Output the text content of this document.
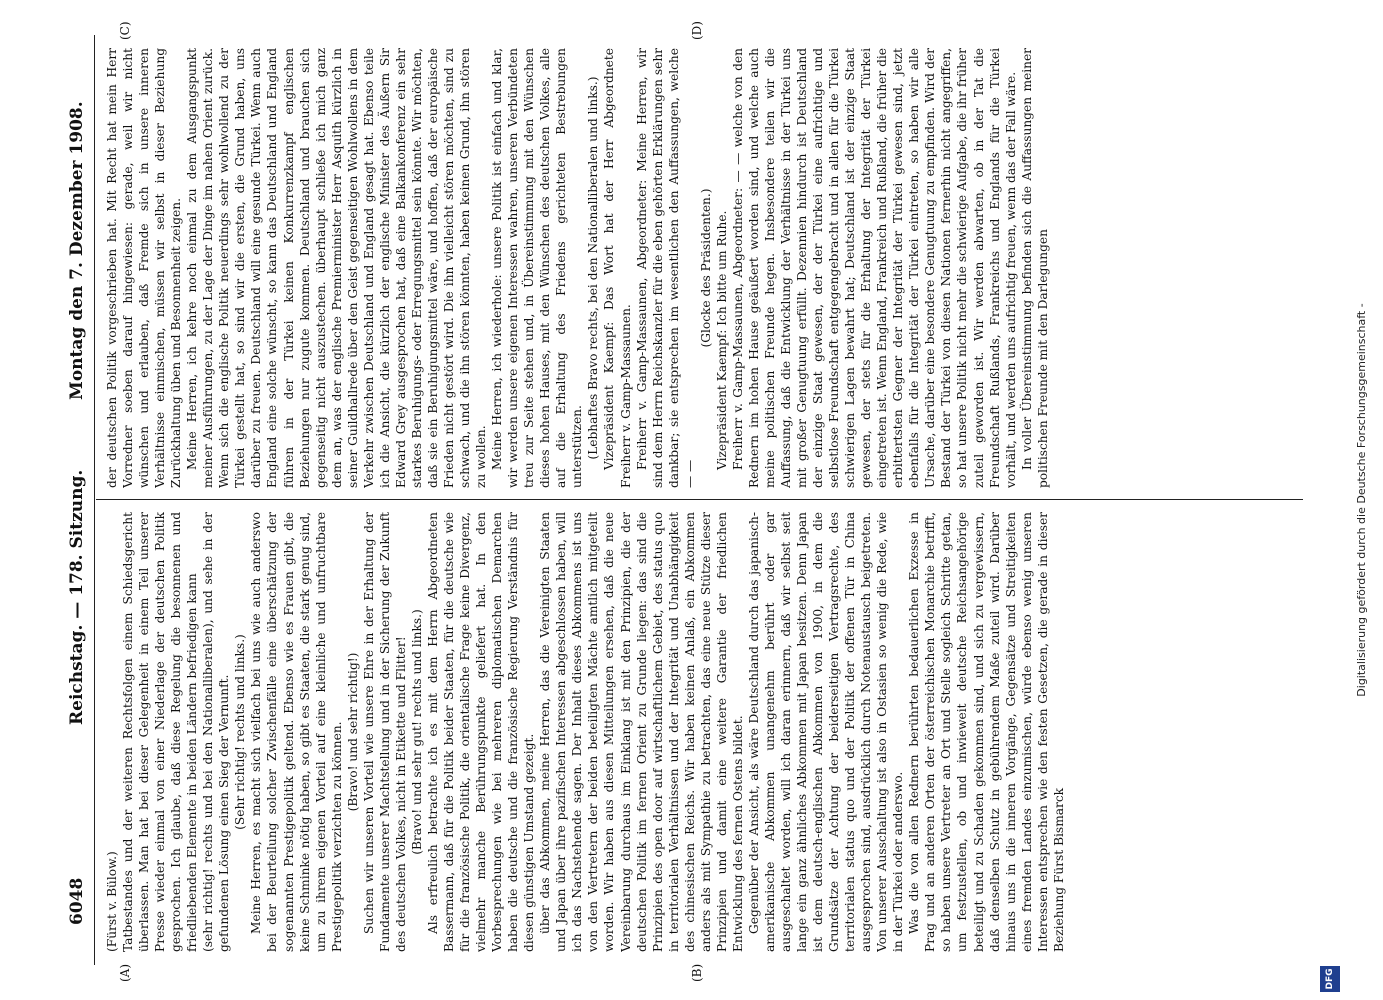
6048
Reichstag. — 178. Sitzung.
Montag den 7. Dezember 1908.
(A)	(B)
(C)	(D)

(Fürst v. Bülow.) Tatbestandes und der weiteren Rechtsfolgen einem Schiedsgericht überlassen. Man hat bei dieser Gelegenheit in einem Teil unserer Presse wieder einmal von einer Niederlage der deutschen Politik gesprochen. Ich glaube, daß diese Regelung die besonnenen und friedliebenden Elemente in beiden Ländern befriedigen kann (sehr richtig! rechts und bei den Nationalliberalen), und sehe in der gefundenen Lösung einen Sieg der Vernunft. (Sehr richtig! rechts und links.) Meine Herren, es macht sich vielfach bei uns wie auch anderswo bei der Beurteilung solcher Zwischenfälle eine überschätzung der sogenannten Prestigepolitik geltend. Ebenso wie es Frauen gibt, die keine Schminke nötig haben, so gibt es Staaten, die stark genug sind, um zu ihrem eigenen Vorteil auf eine kleinliche und unfruchtbare Prestigepolitik verzichten zu können. (Bravo! und sehr richtig!) Suchen wir unseren Vorteil wie unsere Ehre in der Erhaltung der Fundamente unserer Machtstellung und in der Sicherung der Zukunft des deutschen Volkes, nicht in Etikette und Flitter! (Bravo! und sehr gut! rechts und links.) Als erfreulich betrachte ich es mit dem Herrn Abgeordneten Bassermann, daß für die Politik beider Staaten, für die deutsche wie für die französische Politik, die orientalische Frage keine Divergenz, vielmehr manche Berührungspunkte geliefert hat. In den Vorbesprechungen wie bei mehreren diplomatischen Demarchen haben die deutsche und die französische Regierung Verständnis für diesen günstigen Umstand gezeigt. über das Abkommen, meine Herren, das die Vereinigten Staaten und Japan über ihre pazifischen Interessen abgeschlossen haben, will ich das Nachstehende sagen. Der Inhalt dieses Abkommens ist uns von den Vertretern der beiden beteiligten Mächte amtlich mitgeteilt worden. Wir haben aus diesen Mitteilungen ersehen, daß die neue Vereinbarung durchaus im Einklang ist mit den Prinzipien, die der deutschen Politik im fernen Orient zu Grunde liegen: das sind die Prinzipien des open door auf wirtschaftlichem Gebiet, des status quo in territorialen Verhältnissen und der Integrität und Unabhängigkeit des chinesischen Reichs. Wir haben keinen Anlaß, ein Abkommen anders als mit Sympathie zu betrachten, das eine neue Stütze dieser Prinzipien und damit eine weitere Garantie der friedlichen Entwicklung des fernen Ostens bildet. Gegenüber der Ansicht, als wäre Deutschland durch das japanisch-amerikanische Abkommen unangenehm berührt oder gar ausgeschaltet worden, will ich daran erinnern, daß wir selbst seit lange ein ganz ähnliches Abkommen mit Japan besitzen. Denn Japan ist dem deutsch-englischen Abkommen von 1900, in dem die Grundsätze der Achtung der beiderseitigen Vertragsrechte, des territorialen status quo und der Politik der offenen Tür in China ausgesprochen sind, ausdrücklich durch Notenaustausch beigetreten. Von unserer Ausschaltung ist also in Ostasien so wenig die Rede, wie in der Türkei oder anderswo. Was die von allen Rednern berührten bedauerlichen Exzesse in Prag und an anderen Orten der österreichischen Monarchie betrifft, so haben unsere Vertreter an Ort und Stelle sogleich Schritte getan, um festzustellen, ob und inwieweit deutsche Reichsangehörige beteiligt und zu Schaden gekommen sind, und sich zu vergewissern, daß denselben Schutz in gebührendem Maße zuteil wird. Darüber hinaus uns in die inneren Vorgänge, Gegensätze und Streitigkeiten eines fremden Landes einzumischen, würde ebenso wenig unseren Interessen entsprechen wie den festen Gesetzen, die gerade in dieser Beziehung Fürst Bismarck

der deutschen Politik vorgeschrieben hat. Mit Recht hat mein Herr Vorredner soeben darauf hingewiesen: gerade, weil wir nicht wünschen und erlauben, daß Fremde sich in unsere inneren Verhältnisse einmischen, müssen wir selbst in dieser Beziehung Zurückhaltung üben und Besonnenheit zeigen. Meine Herren, ich kehre noch einmal zu dem Ausgangspunkt meiner Ausführungen, zu der Lage der Dinge im nahen Orient zurück. Wenn sich die englische Politik neuerdings sehr wohlwollend zu der Türkei gestellt hat, so sind wir die ersten, die Grund haben, uns darüber zu freuen. Deutschland will eine gesunde Türkei. Wenn auch England eine solche wünscht, so kann das Deutschland und England führen in der Türkei keinen Konkurrenzkampf englischen Beziehungen nur zugute kommen. Deutschland und brauchen sich gegenseitig nicht auszustechen. überhaupt schließe ich mich ganz dem an, was der englische Premierminister Herr Asquith kürzlich in seiner Guildhallrede über den Geist gegenseitigen Wohlwollens in dem Verkehr zwischen Deutschland und England gesagt hat. Ebenso teile ich die Ansicht, die kürzlich der englische Minister des Äußern Sir Edward Grey ausgesprochen hat, daß eine Balkankonferenz ein sehr starkes Beruhigungs- oder Erregungsmittel sein könnte. Wir möchten, daß sie ein Beruhigungsmittel wäre, und hoffen, daß der europäische Frieden nicht gestört wird. Die ihn vielleicht stören möchten, sind zu schwach, und die ihn stören könnten, haben keinen Grund, ihn stören zu wollen. Meine Herren, ich wiederhole: unsere Politik ist einfach und klar, wir werden unsere eigenen Interessen wahren, unseren Verbündeten treu zur Seite stehen und, in Übereinstimmung mit den Wünschen dieses hohen Hauses, mit den Wünschen des deutschen Volkes, alle auf die Erhaltung des Friedens gerichteten Bestrebungen unterstützen. (Lebhaftes Bravo rechts, bei den Nationalliberalen und links.) Vizepräsident Kaempf: Das Wort hat der Herr Abgeordnete Freiherr v. Gamp-Massaunen. Freiherr v. Gamp-Massaunen, Abgeordneter: Meine Herren, wir sind dem Herrn Reichskanzler für die eben gehörten Erklärungen sehr dankbar; sie entsprechen im wesentlichen den Auffassungen, welche — —

(Glocke des Präsidenten.) Vizepräsident Kaempf: Ich bitte um Ruhe. Freiherr v. Gamp-Massaunen, Abgeordneter: — — welche von den Rednern im hohen Hause geäußert worden sind, und welche auch meine politischen Freunde hegen. Insbesondere teilen wir die Auffassung, daß die Entwicklung der Verhältnisse in der Türkei uns mit großer Genugtuung erfüllt. Dezennien hindurch ist Deutschland der einzige Staat gewesen, der der Türkei eine aufrichtige und selbstlose Freundschaft entgegengebracht und in allen für die Türkei schwierigen Lagen bewahrt hat; Deutschland ist der einzige Staat gewesen, der stets für die Erhaltung der Integrität der Türkei eingetreten ist. Wenn England, Frankreich und Rußland, die früher die erbittertsten Gegner der Integrität der Türkei gewesen sind, jetzt ebenfalls für die Integrität der Türkei eintreten, so haben wir alle Ursache, darüber eine besondere Genugtuung zu empfinden. Wird der Bestand der Türkei von diesen Nationen fernerhin nicht angegriffen, so hat unsere Politik nicht mehr die schwierige Aufgabe, die ihr früher zuteil geworden ist. Wir werden abwarten, ob in der Tat die Freundschaft Rußlands, Frankreichs und Englands für die Türkei vorhält, und werden uns aufrichtig freuen, wenn das der Fall wäre. In voller Übereinstimmung befinden sich die Auffassungen meiner politischen Freunde mit den Darlegungen	Digitalisierung gefördert durch die Deutsche Forschungsgemeinschaft -
DFG
